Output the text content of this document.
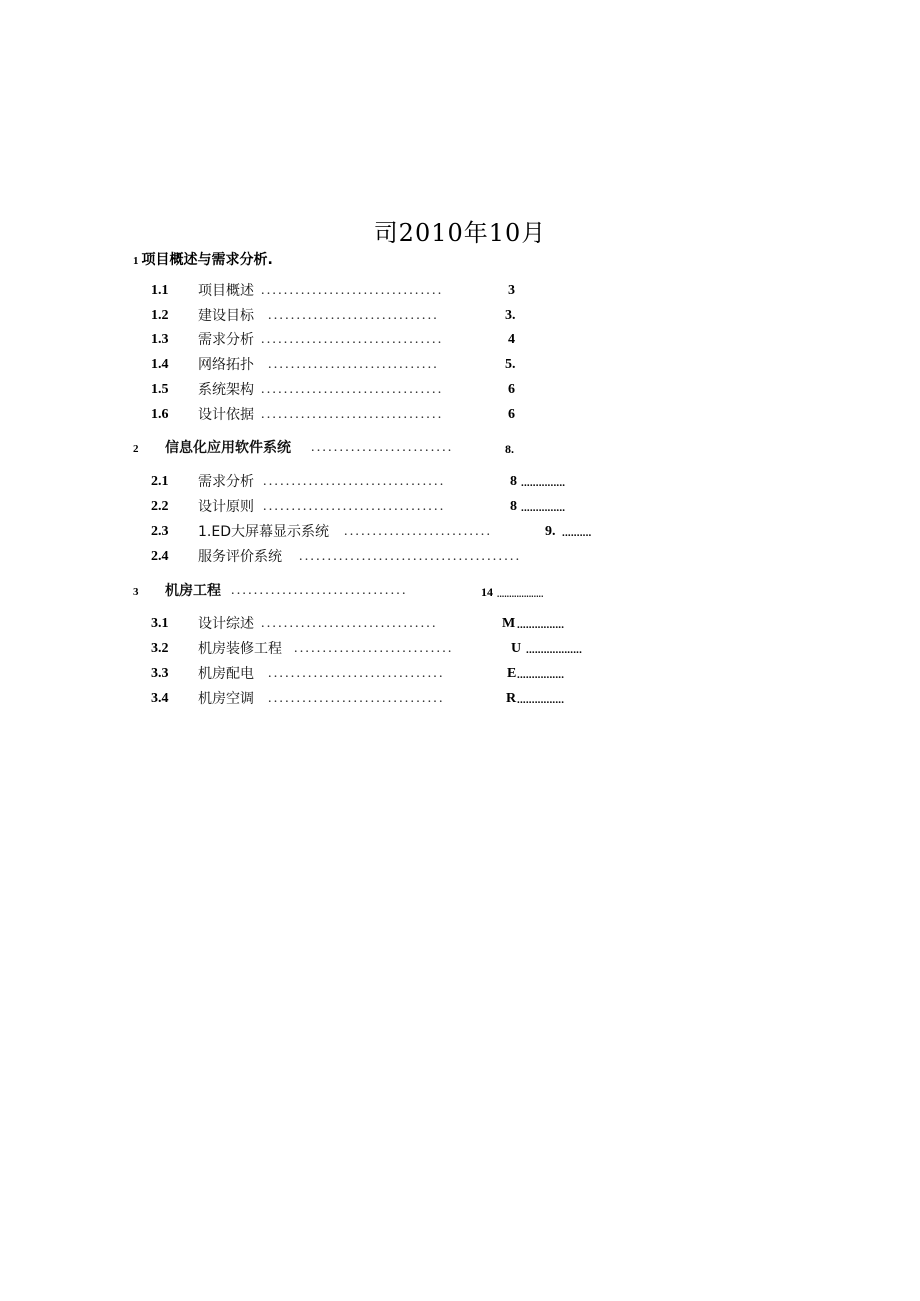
司2010年10月
1 项目概述与需求分析.
1.1 项目概述 ................................	3
1.2 建设目标 ..............................	3.
1.3 需求分析 ................................	4
1.4 网络拓扑 ..............................	5.
1.5 系统架构 ................................	6
1.6 设计依据 ................................	6
2 信息化应用软件系统 .........................	8.
2.1 需求分析 ................................	8 ...............
2.2 设计原则 ................................	8 ...............
2.3 1.ED大屏幕显示系统 ..........................	9. ..........
2.4 服务评价系统 .......................................
3 机房工程 ...............................	14 ...................
3.1 设计综述 ...............................	M ................
3.2 机房装修工程 ............................	U ...................
3.3 机房配电 ...............................	E ................
3.4 机房空调 ...............................	R ................
